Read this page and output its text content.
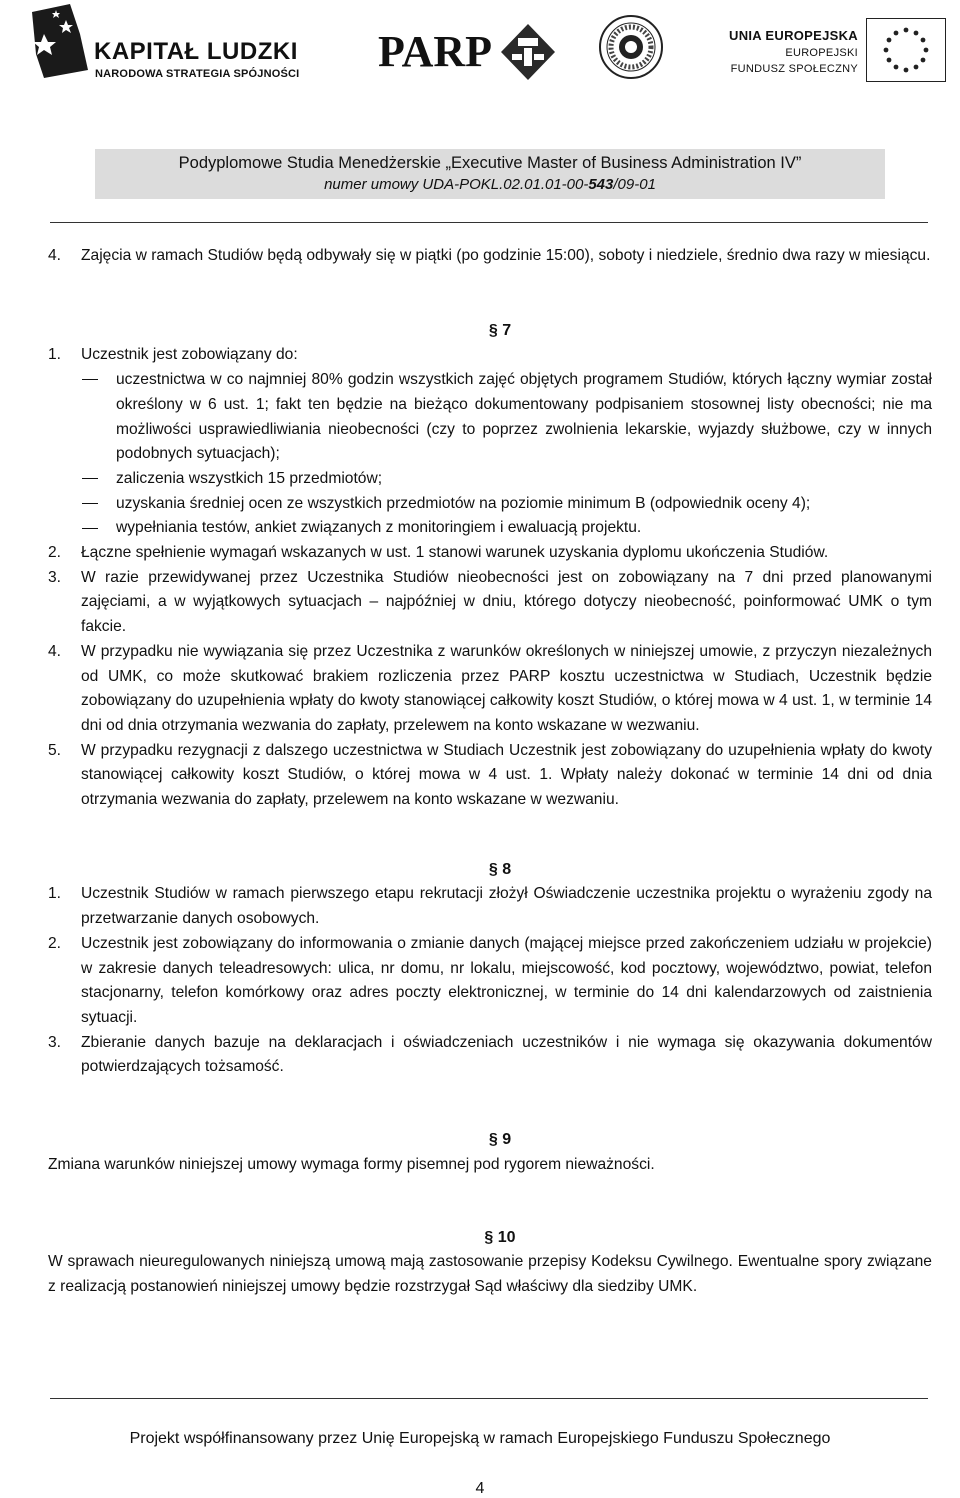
KAPITAŁ LUDZKI
NARODOWA STRATEGIA SPÓJNOŚCI PARP	UNIA EUROPEJSKA
EUROPEJSKI
FUNDUSZ SPOŁECZNY
Podyplomowe Studia Menedżerskie „Executive Master of Business Administration IV”
numer umowy UDA-POKL.02.01.01-00-543/09-01
4.	Zajęcia w ramach Studiów będą odbywały się w piątki (po godzinie 15:00), soboty i niedziele, średnio dwa razy w miesiącu.
§ 7
1.	Uczestnik jest zobowiązany do:
uczestnictwa w co najmniej 80% godzin wszystkich zajęć objętych programem Studiów, których łączny wymiar został określony w 6 ust. 1; fakt ten będzie na bieżąco dokumentowany podpisaniem stosownej listy obecności; nie ma możliwości usprawiedliwiania nieobecności (czy to poprzez zwolnienia lekarskie, wyjazdy służbowe, czy w innych podobnych sytuacjach);
zaliczenia wszystkich 15 przedmiotów;
uzyskania średniej ocen ze wszystkich przedmiotów na poziomie minimum B (odpowiednik oceny 4);
wypełniania testów, ankiet związanych z monitoringiem i ewaluacją projektu.
2.	Łączne spełnienie wymagań wskazanych w ust. 1 stanowi warunek uzyskania dyplomu ukończenia Studiów.
3.	W razie przewidywanej przez Uczestnika Studiów nieobecności jest on zobowiązany na 7 dni przed planowanymi zajęciami, a w wyjątkowych sytuacjach – najpóźniej w dniu, którego dotyczy nieobecność, poinformować UMK o tym fakcie.
4.	W przypadku nie wywiązania się przez Uczestnika z warunków określonych w niniejszej umowie, z przyczyn niezależnych od UMK, co może skutkować brakiem rozliczenia przez PARP kosztu uczestnictwa w Studiach, Uczestnik będzie zobowiązany do uzupełnienia wpłaty do kwoty stanowiącej całkowity koszt Studiów, o której mowa w 4 ust. 1, w terminie 14 dni od dnia otrzymania wezwania do zapłaty, przelewem na konto wskazane w wezwaniu.
5.	W przypadku rezygnacji z dalszego uczestnictwa w Studiach Uczestnik jest zobowiązany do uzupełnienia wpłaty do kwoty stanowiącej całkowity koszt Studiów, o której mowa w 4 ust. 1. Wpłaty należy dokonać w terminie 14 dni od dnia otrzymania wezwania do zapłaty, przelewem na konto wskazane w wezwaniu.
§ 8
1.	Uczestnik Studiów w ramach pierwszego etapu rekrutacji złożył Oświadczenie uczestnika projektu o wyrażeniu zgody na przetwarzanie danych osobowych.
2.	Uczestnik jest zobowiązany do informowania o zmianie danych (mającej miejsce przed zakończeniem udziału w projekcie) w zakresie danych teleadresowych: ulica, nr domu, nr lokalu, miejscowość, kod pocztowy, województwo, powiat, telefon stacjonarny, telefon komórkowy oraz adres poczty elektronicznej, w terminie do 14 dni kalendarzowych od zaistnienia sytuacji.
3.	Zbieranie danych bazuje na deklaracjach i oświadczeniach uczestników i nie wymaga się okazywania dokumentów potwierdzających tożsamość.
§ 9
Zmiana warunków niniejszej umowy wymaga formy pisemnej pod rygorem nieważności.
§ 10
W sprawach nieuregulowanych niniejszą umową mają zastosowanie przepisy Kodeksu Cywilnego. Ewentualne spory związane z realizacją postanowień niniejszej umowy będzie rozstrzygał Sąd właściwy dla siedziby UMK.
Projekt współfinansowany przez Unię Europejską w ramach Europejskiego Funduszu Społecznego
4
